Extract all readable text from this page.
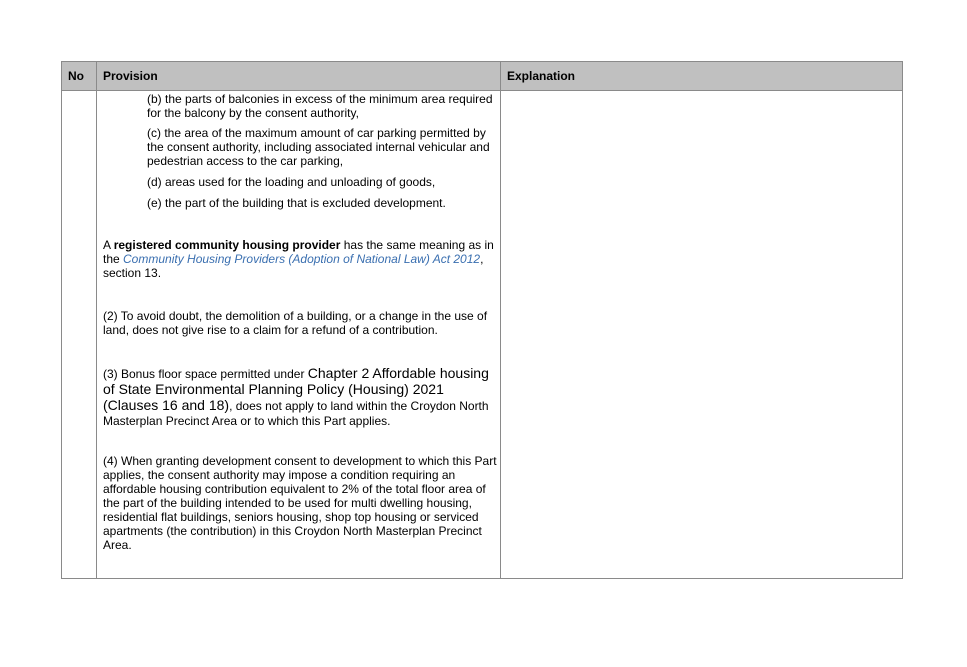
No Provision	Explanation

(b) the parts of balconies in excess of the minimum area required for the balcony by the consent authority,

(c) the area of the maximum amount of car parking permitted by the consent authority, including associated internal vehicular and pedestrian access to the car parking,

(d) areas used for the loading and unloading of goods,

(e) the part of the building that is excluded development.

A registered community housing provider has the same meaning as in the Community Housing Providers (Adoption of National Law) Act 2012, section 13.

(2) To avoid doubt, the demolition of a building, or a change in the use of land, does not give rise to a claim for a refund of a contribution.

(3) Bonus floor space permitted under Chapter 2 Affordable housing of State Environmental Planning Policy (Housing) 2021 (Clauses 16 and 18), does not apply to land within the Croydon North Masterplan Precinct Area or to which this Part applies.

(4) When granting development consent to development to which this Part applies, the consent authority may impose a condition requiring an affordable housing contribution equivalent to 2% of the total floor area of the part of the building intended to be used for multi dwelling housing, residential flat buildings, seniors housing, shop top housing or serviced apartments (the contribution) in this Croydon North Masterplan Precinct Area.
